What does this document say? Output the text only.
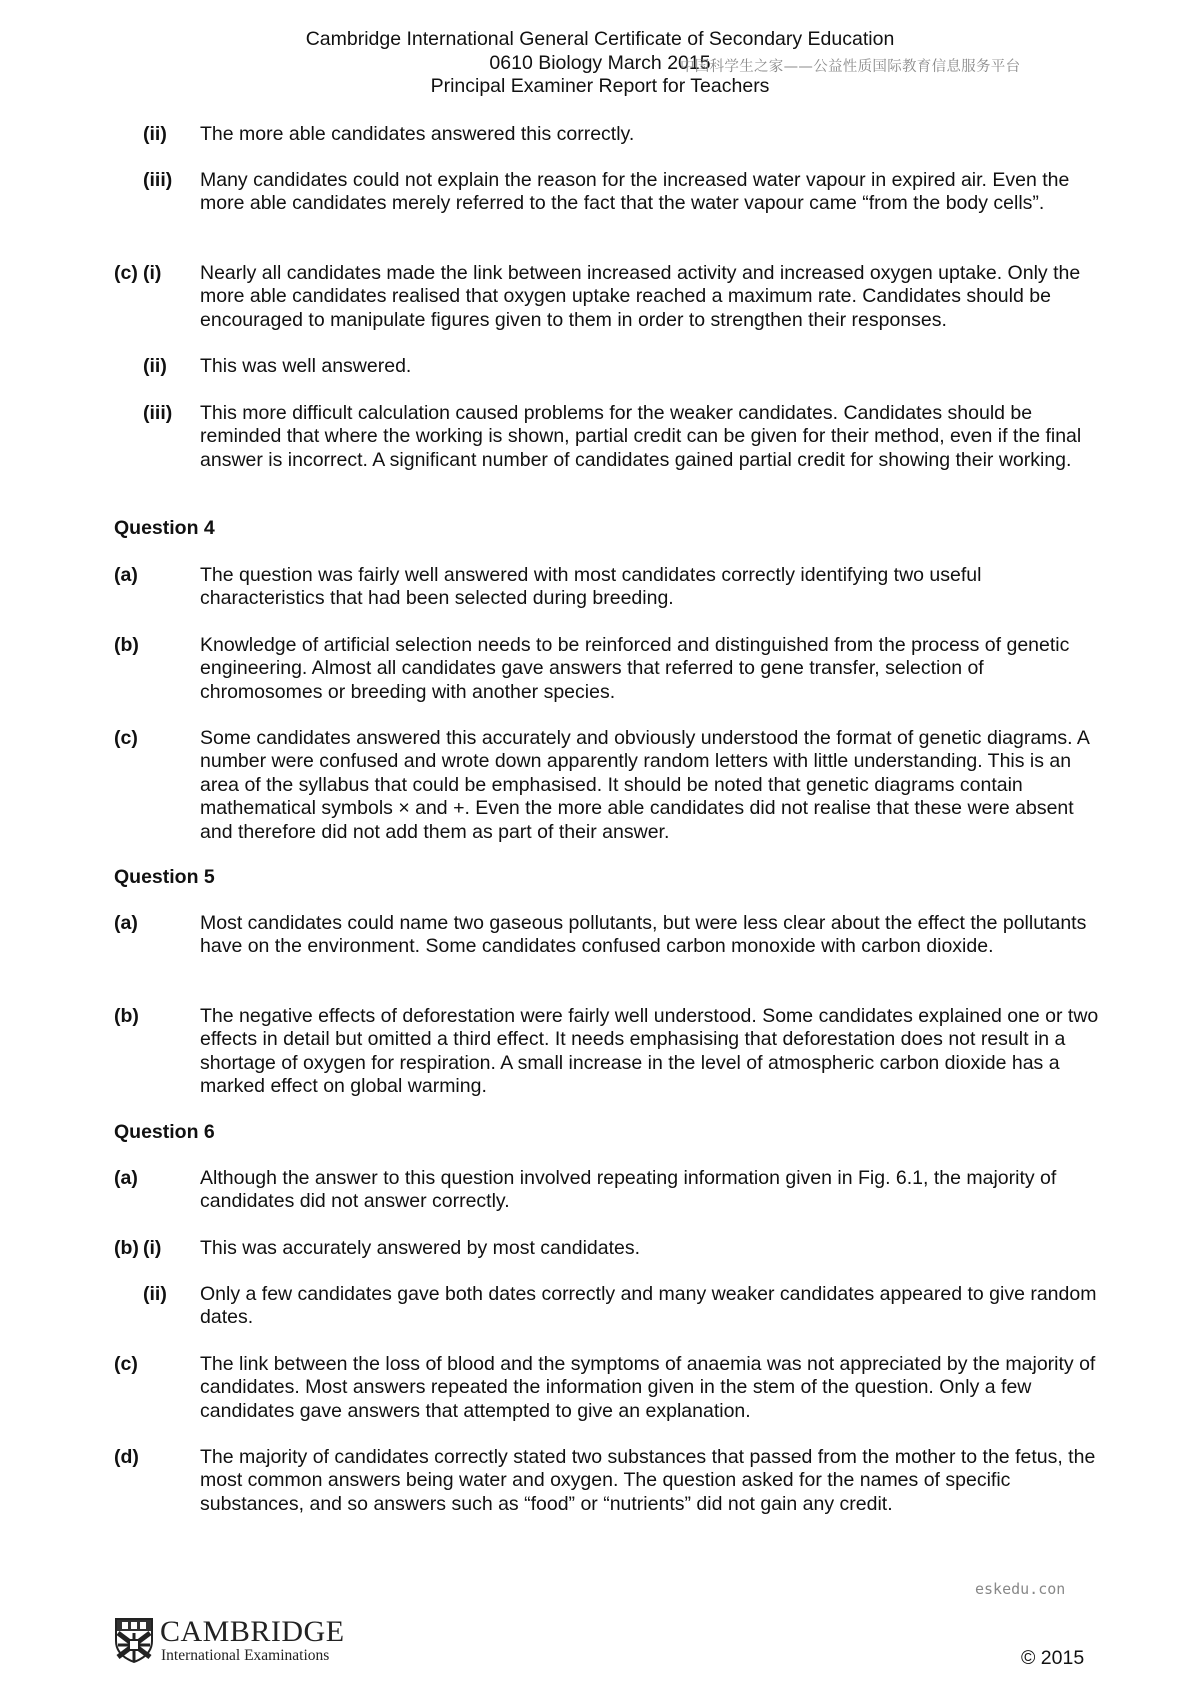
Cambridge International General Certificate of Secondary Education
0610 Biology March 2015
Principal Examiner Report for Teachers
中国科学生之家——公益性质国际教育信息服务平台
(ii) The more able candidates answered this correctly.

(iii) Many candidates could not explain the reason for the increased water vapour in expired air. Even the more able candidates merely referred to the fact that the water vapour came “from the body cells”.

(c) (i) Nearly all candidates made the link between increased activity and increased oxygen uptake. Only the more able candidates realised that oxygen uptake reached a maximum rate. Candidates should be encouraged to manipulate figures given to them in order to strengthen their responses.

(ii) This was well answered.

(iii) This more difficult calculation caused problems for the weaker candidates. Candidates should be reminded that where the working is shown, partial credit can be given for their method, even if the final answer is incorrect. A significant number of candidates gained partial credit for showing their working.

Question 4
(a)	The question was fairly well answered with most candidates correctly identifying two useful characteristics that had been selected during breeding.

(b)	Knowledge of artificial selection needs to be reinforced and distinguished from the process of genetic engineering. Almost all candidates gave answers that referred to gene transfer, selection of chromosomes or breeding with another species.

(c)	Some candidates answered this accurately and obviously understood the format of genetic diagrams. A number were confused and wrote down apparently random letters with little understanding. This is an area of the syllabus that could be emphasised. It should be noted that genetic diagrams contain mathematical symbols × and +. Even the more able candidates did not realise that these were absent and therefore did not add them as part of their answer.

Question 5
(a)	Most candidates could name two gaseous pollutants, but were less clear about the effect the pollutants have on the environment. Some candidates confused carbon monoxide with carbon dioxide.

(b)	The negative effects of deforestation were fairly well understood. Some candidates explained one or two effects in detail but omitted a third effect. It needs emphasising that deforestation does not result in a shortage of oxygen for respiration. A small increase in the level of atmospheric carbon dioxide has a marked effect on global warming.

Question 6
(a)	Although the answer to this question involved repeating information given in Fig. 6.1, the majority of candidates did not answer correctly.

(b) (i) This was accurately answered by most candidates.

(ii) Only a few candidates gave both dates correctly and many weaker candidates appeared to give random dates.

(c)	The link between the loss of blood and the symptoms of anaemia was not appreciated by the majority of candidates. Most answers repeated the information given in the stem of the question. Only a few candidates gave answers that attempted to give an explanation.

(d)	The majority of candidates correctly stated two substances that passed from the mother to the fetus, the most common answers being water and oxygen. The question asked for the names of specific substances, and so answers such as “food” or “nutrients” did not gain any credit.

eskedu.con
CAMBRIDGE
International Examinations	© 2015
